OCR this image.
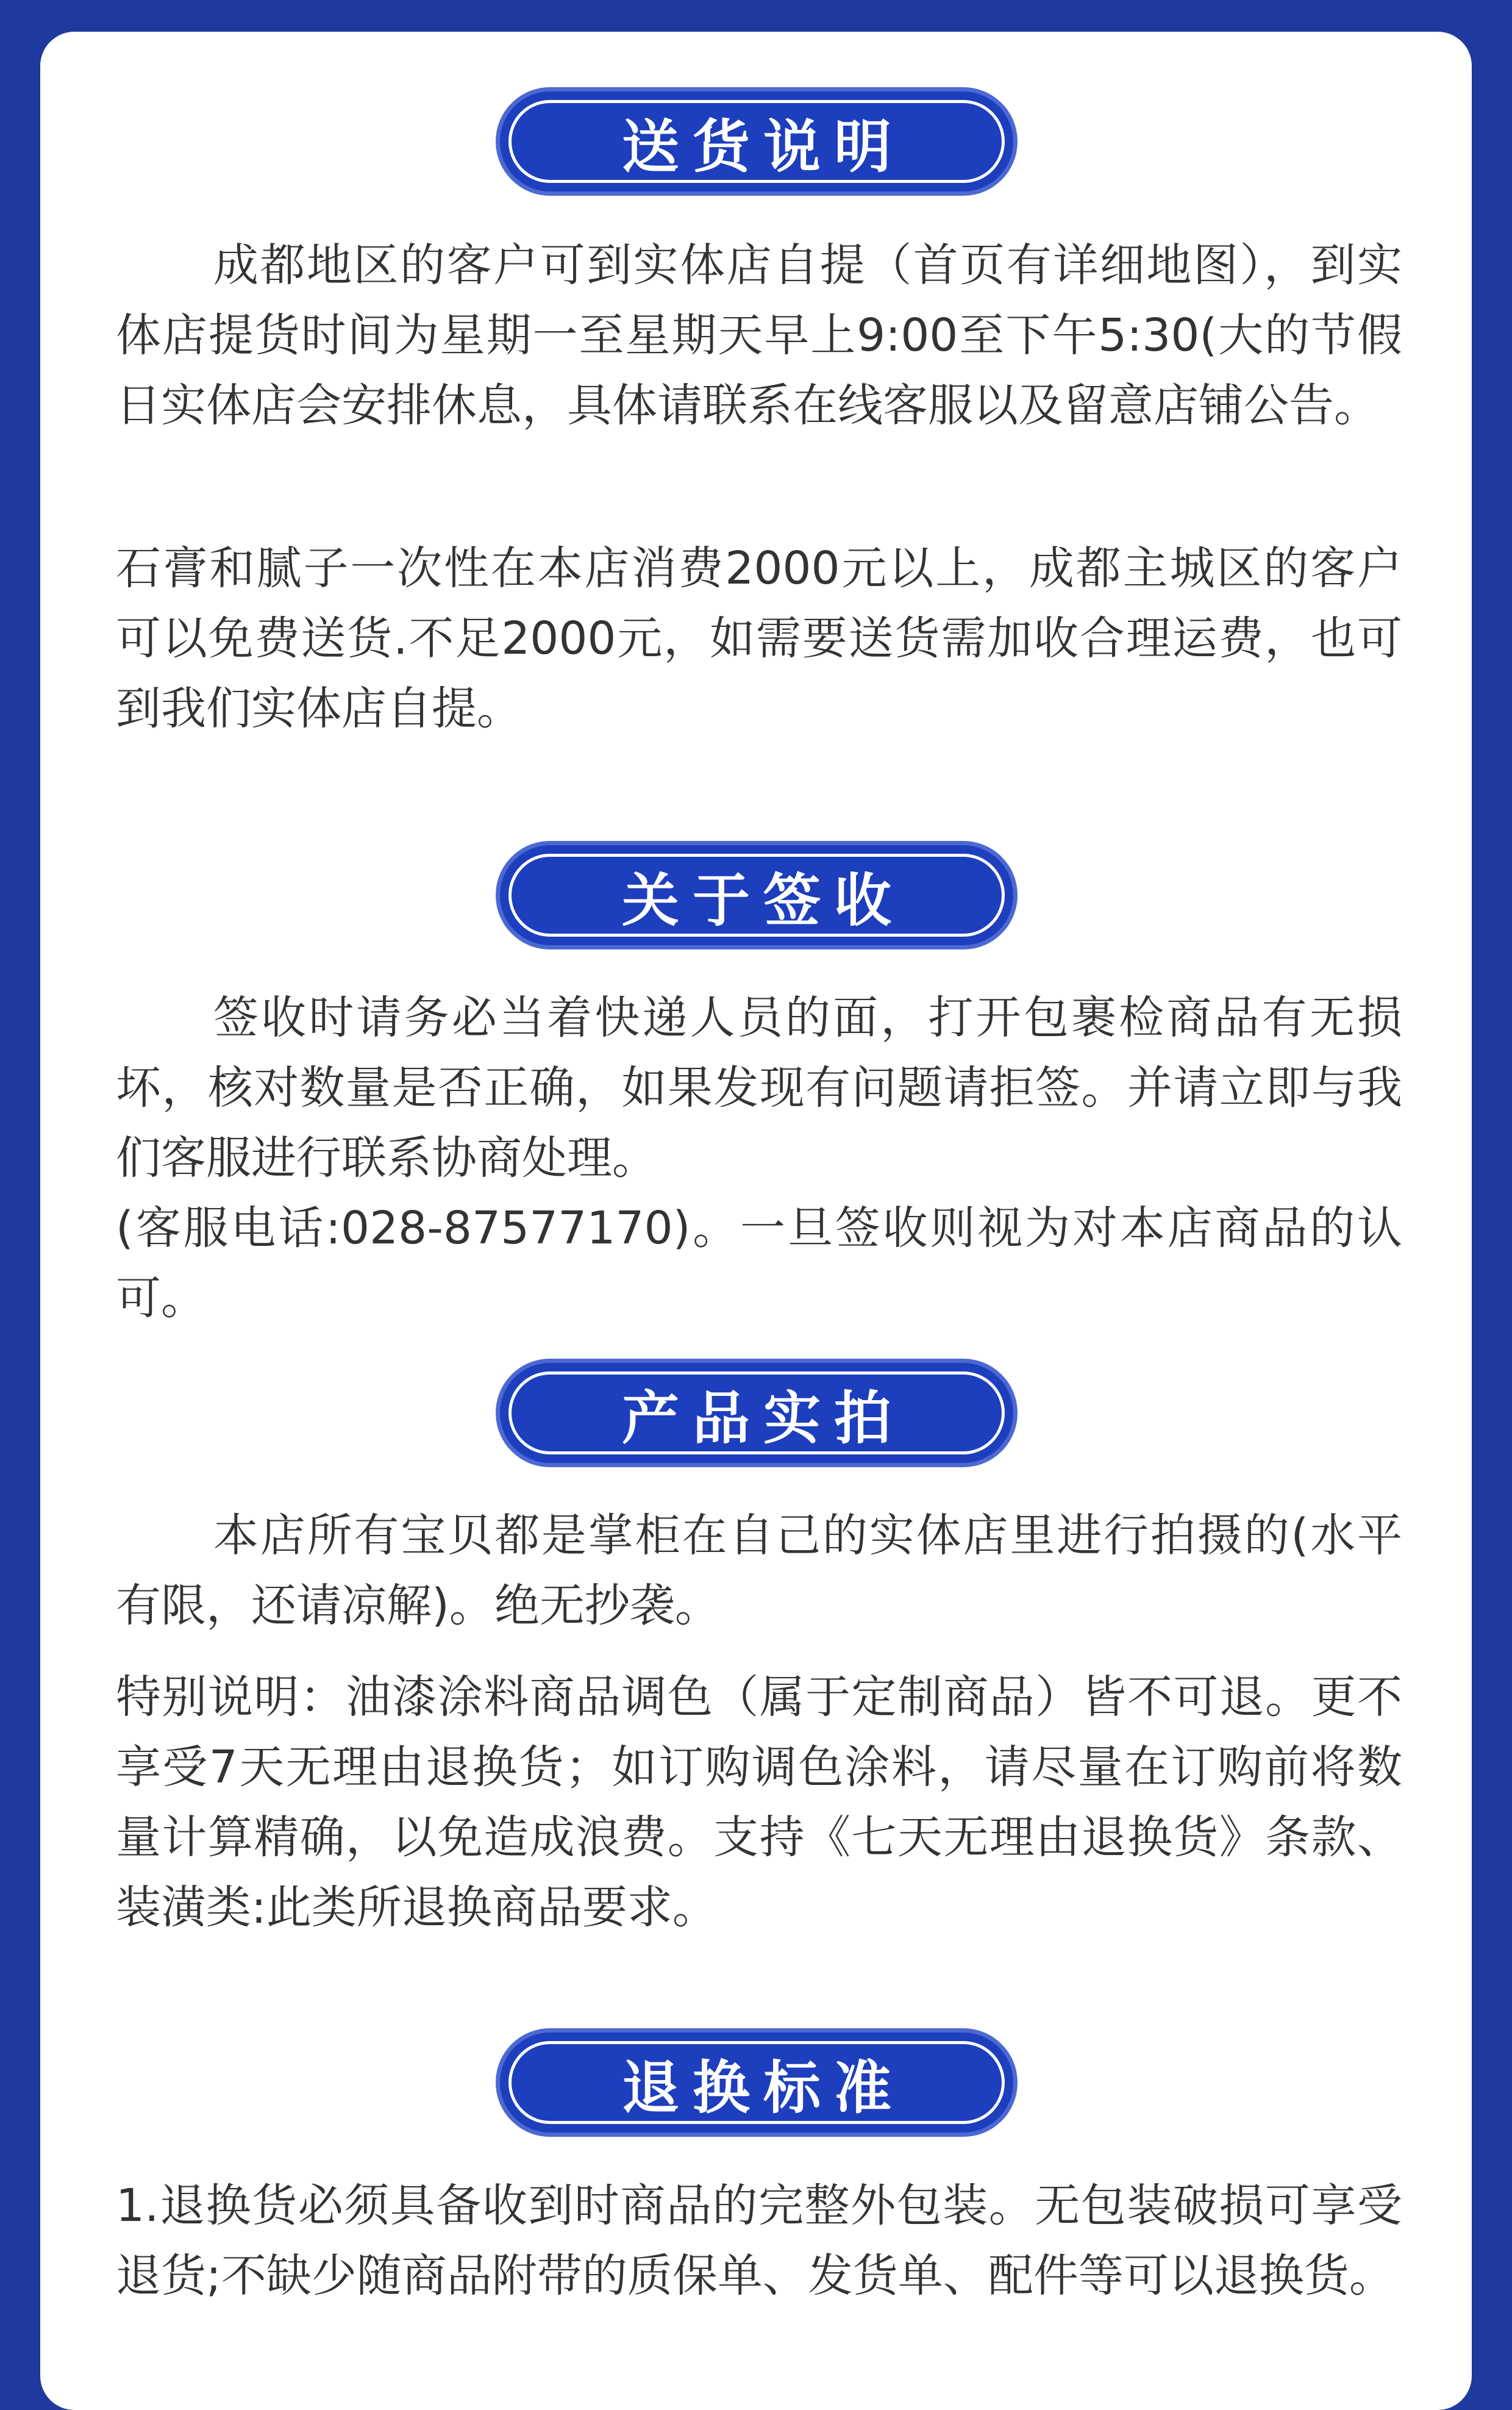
送货说明

成都地区的客户可到实体店自提（首页有详细地图），到实体店提货时间为星期一至星期天早上9:00至下午5:30(大的节假日实体店会安排休息，具体请联系在线客服以及留意店铺公告。

石膏和腻子一次性在本店消费2000元以上，成都主城区的客户可以免费送货.不足2000元，如需要送货需加收合理运费，也可到我们实体店自提。

关于签收

签收时请务必当着快递人员的面，打开包裹检商品有无损坏，核对数量是否正确，如果发现有问题请拒签。并请立即与我们客服进行联系协商处理。

(客服电话:028-87577170)。一旦签收则视为对本店商品的认可。

产品实拍

本店所有宝贝都是掌柜在自己的实体店里进行拍摄的(水平有限，还请凉解)。绝无抄袭。

特别说明：油漆涂料商品调色（属于定制商品）皆不可退。更不享受7天无理由退换货；如订购调色涂料，请尽量在订购前将数量计算精确，以免造成浪费。支持《七天无理由退换货》条款、装潢类:此类所退换商品要求。

退换标准

1.退换货必须具备收到时商品的完整外包装。无包装破损可享受退货;不缺少随商品附带的质保单、发货单、配件等可以退换货。
